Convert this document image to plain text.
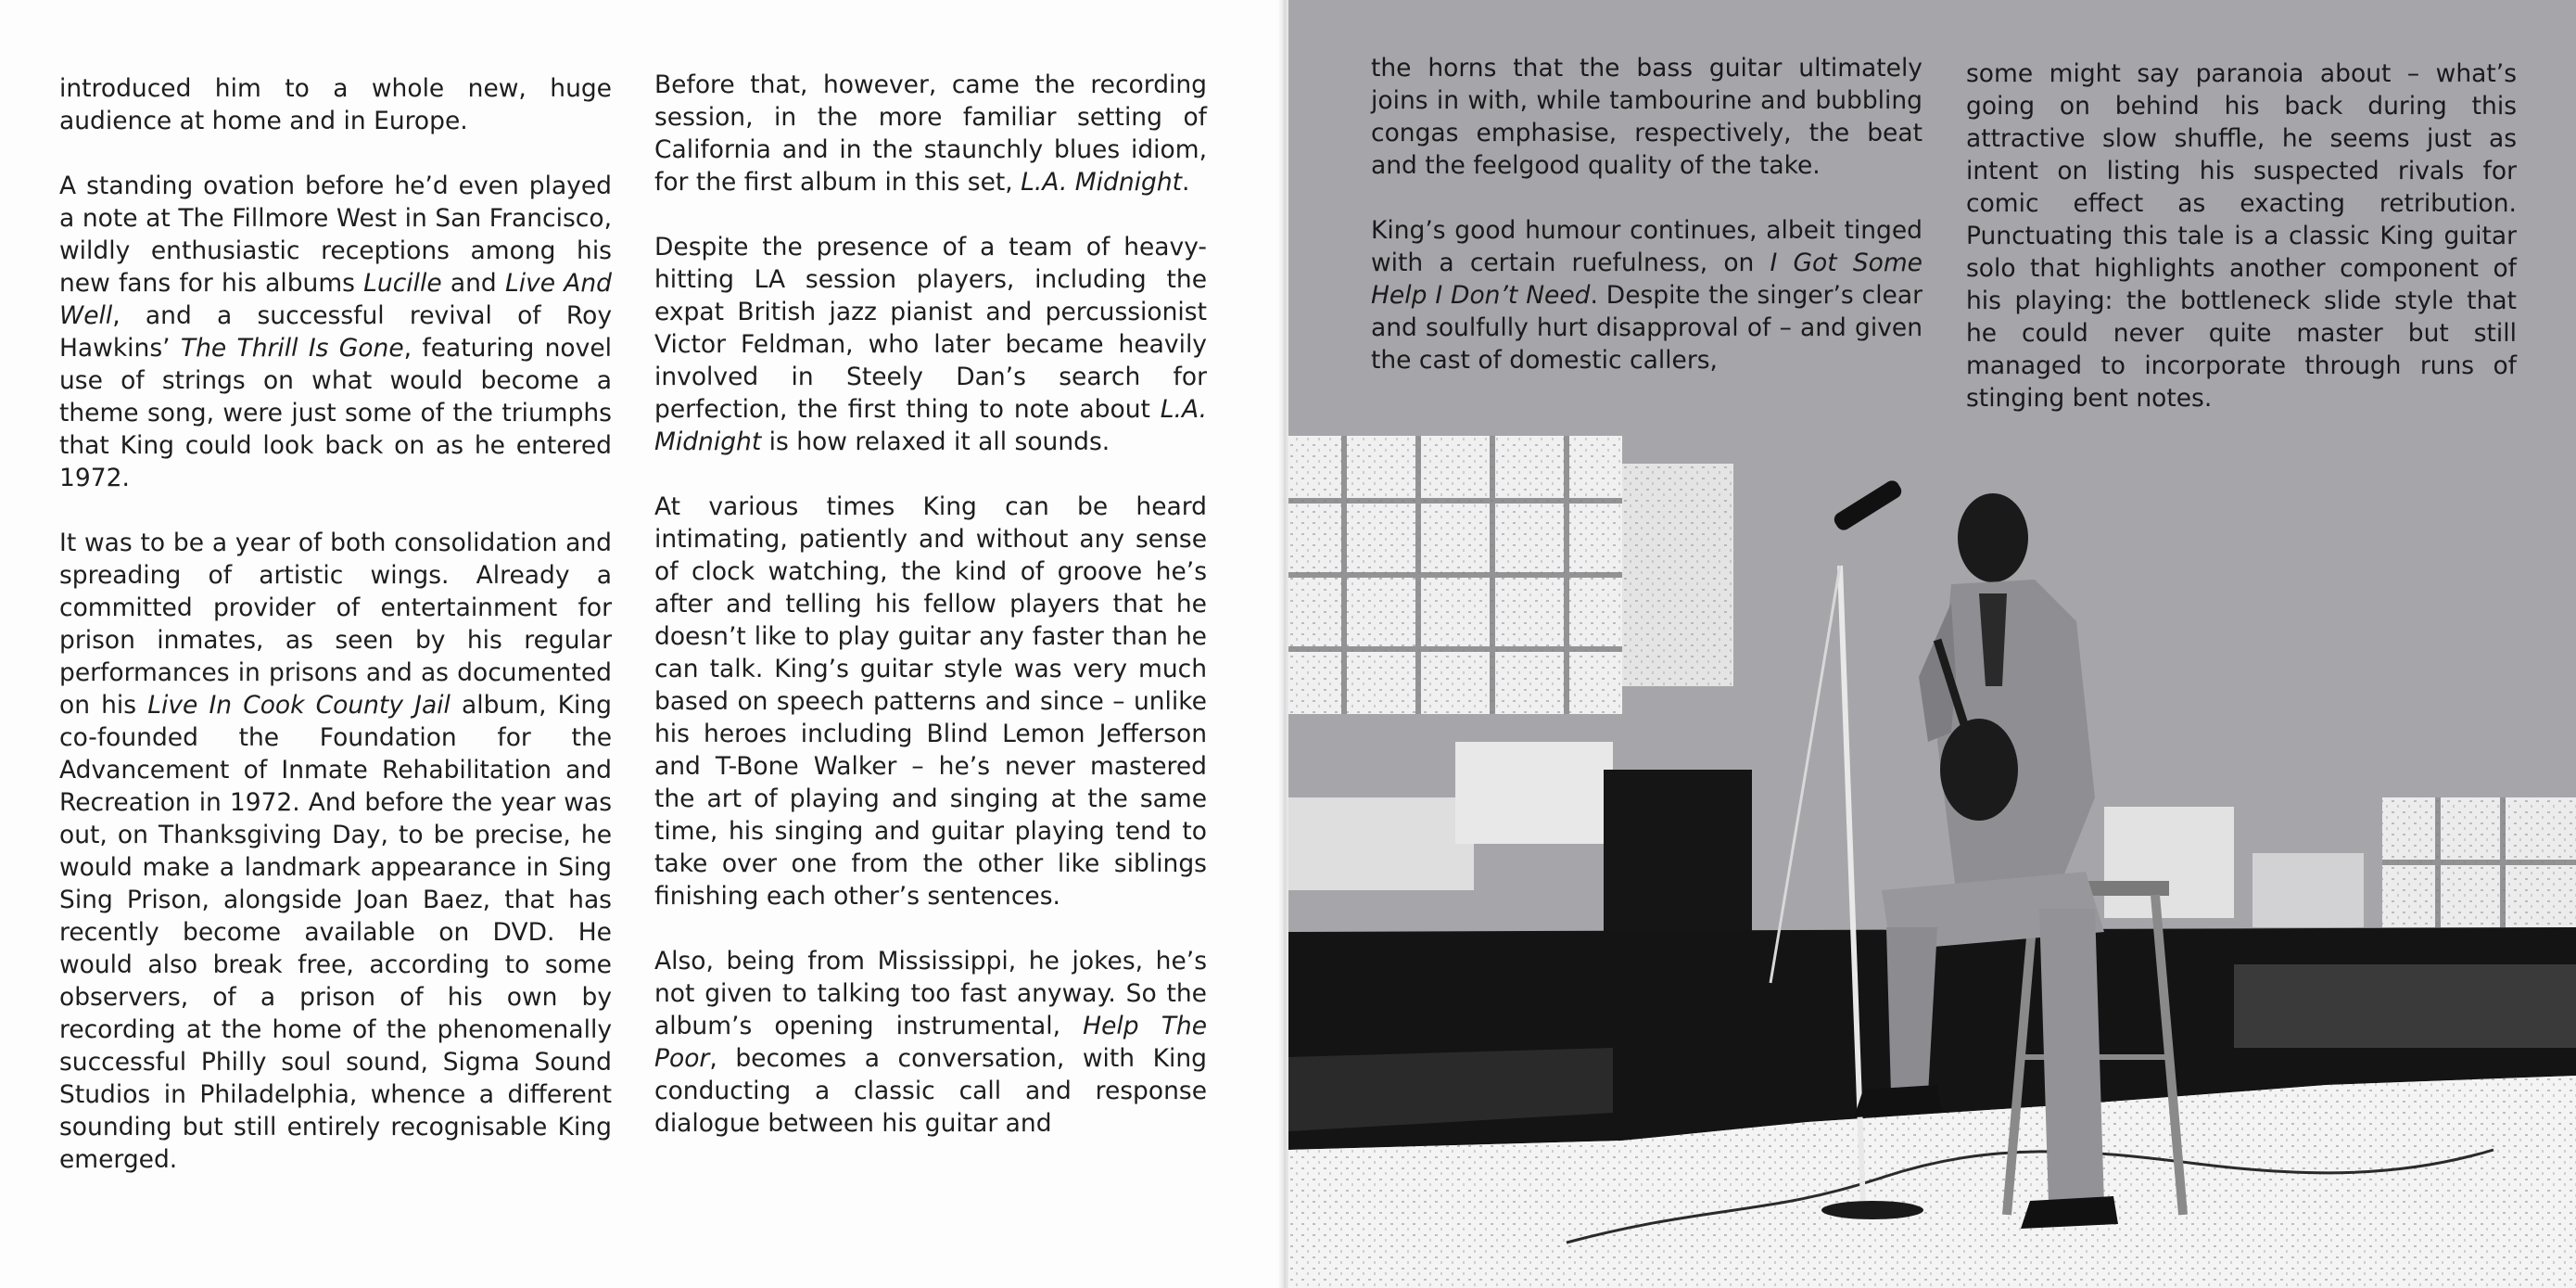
introduced him to a whole new, huge audience at home and in Europe.

A standing ovation before he’d even played a note at The Fillmore West in San Francisco, wildly enthusiastic receptions among his new fans for his albums Lucille and Live And Well, and a successful revival of Roy Hawkins’ The Thrill Is Gone, featuring novel use of strings on what would become a theme song, were just some of the triumphs that King could look back on as he entered 1972.

It was to be a year of both consolidation and spreading of artistic wings. Already a committed provider of entertainment for prison inmates, as seen by his regular performances in prisons and as documented on his Live In Cook County Jail album, King co-founded the Foundation for the Advancement of Inmate Rehabilitation and Recreation in 1972. And before the year was out, on Thanksgiving Day, to be precise, he would make a landmark appearance in Sing Sing Prison, alongside Joan Baez, that has recently become available on DVD. He would also break free, according to some observers, of a prison of his own by recording at the home of the phenomenally successful Philly soul sound, Sigma Sound Studios in Philadelphia, whence a different sounding but still entirely recognisable King emerged.

Before that, however, came the recording session, in the more familiar setting of California and in the staunchly blues idiom, for the first album in this set, L.A. Midnight.

Despite the presence of a team of heavy-hitting LA session players, including the expat British jazz pianist and percussionist Victor Feldman, who later became heavily involved in Steely Dan’s search for perfection, the first thing to note about L.A. Midnight is how relaxed it all sounds.

At various times King can be heard intimating, patiently and without any sense of clock watching, the kind of groove he’s after and telling his fellow players that he doesn’t like to play guitar any faster than he can talk. King’s guitar style was very much based on speech patterns and since – unlike his heroes including Blind Lemon Jefferson and T-Bone Walker – he’s never mastered the art of playing and singing at the same time, his singing and guitar playing tend to take over one from the other like siblings finishing each other’s sentences.

Also, being from Mississippi, he jokes, he’s not given to talking too fast anyway. So the album’s opening instrumental, Help The Poor, becomes a conversation, with King conducting a classic call and response dialogue between his guitar and

the horns that the bass guitar ultimately joins in with, while tambourine and bubbling congas emphasise, respectively, the beat and the feelgood quality of the take.

King’s good humour continues, albeit tinged with a certain ruefulness, on I Got Some Help I Don’t Need. Despite the singer’s clear and soulfully hurt disapproval of – and given the cast of domestic callers,

some might say paranoia about – what’s going on behind his back during this attractive slow shuffle, he seems just as intent on listing his suspected rivals for comic effect as exacting retribution. Punctuating this tale is a classic King guitar solo that highlights another component of his playing: the bottleneck slide style that he could never quite master but still managed to incorporate through runs of stinging bent notes.
